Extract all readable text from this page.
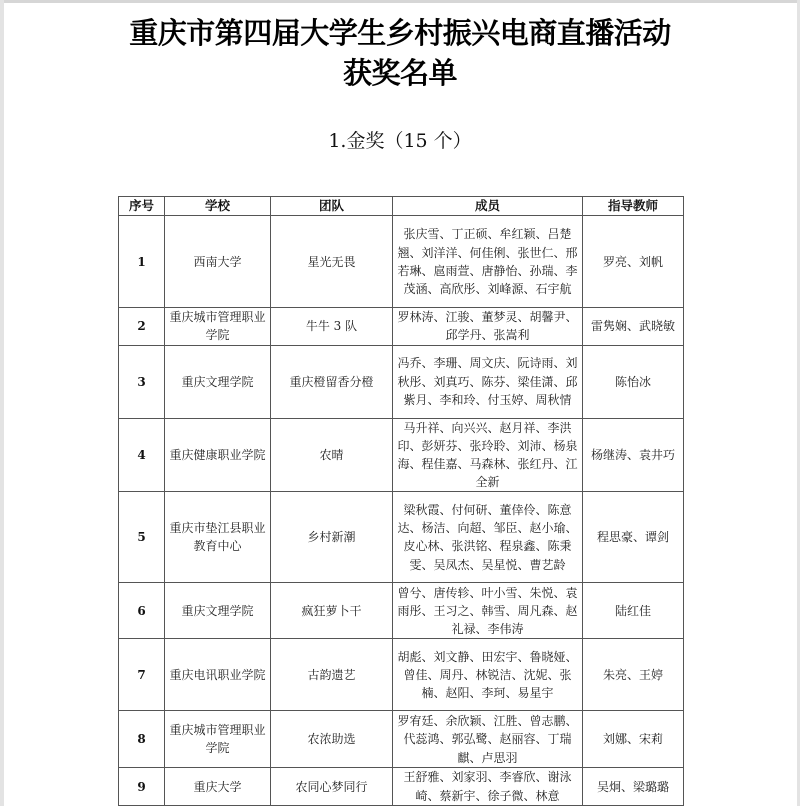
重庆市第四届大学生乡村振兴电商直播活动
获奖名单
1.金奖（15 个）
序号	学校	团队	成员	指导教师
1	西南大学	星光无畏	张庆雪、丁正硕、牟红颖、吕楚翘、刘洋洋、何佳俐、张世仁、邢若琳、扈雨萱、唐静怡、孙瑞、李茂涵、高欣彤、刘峰源、石宇航	罗亮、刘帆
2	重庆城市管理职业学院	牛牛 3 队	罗林涛、江骏、董梦灵、胡馨尹、邱学丹、张嵩利	雷隽娴、武晓敏
3	重庆文理学院	重庆橙留香分橙	冯乔、李珊、周文庆、阮诗雨、刘秋彤、刘真巧、陈芬、梁佳潇、邱紫月、李和玲、付玉婷、周秋情	陈怡冰
4	重庆健康职业学院	农晴	马升祥、向兴兴、赵月祥、李洪印、彭妍芬、张玲聆、刘沛、杨泉海、程佳嘉、马森林、张红丹、江全新	杨继涛、袁井巧
5	重庆市垫江县职业教育中心	乡村新潮	梁秋霞、付何研、董倖伶、陈意达、杨洁、向超、邹臣、赵小瑜、皮心林、张洪铭、程泉鑫、陈秉雯、吴凤杰、吴星悦、曹艺龄	程思豪、谭剑
6	重庆文理学院	疯狂萝卜干	曾兮、唐传轸、叶小雪、朱悦、袁雨彤、王习之、韩雪、周凡森、赵礼禄、李伟涛	陆红佳
7	重庆电讯职业学院	古韵遗艺	胡彪、刘文静、田宏宇、鲁晓娅、曾佳、周丹、林锐洁、沈妮、张楠、赵阳、李珂、易星宇	朱亮、王婷
8	重庆城市管理职业学院	农浓助选	罗宥廷、余欣颖、江胜、曾志鹏、代蕊鸿、郭弘鹭、赵丽容、丁瑞麒、卢思羽	刘娜、宋莉
9	重庆大学	农同心梦同行	王舒雅、刘家羽、李睿欣、谢泳崎、蔡新宇、徐子微、林意	吴炯、梁璐璐
